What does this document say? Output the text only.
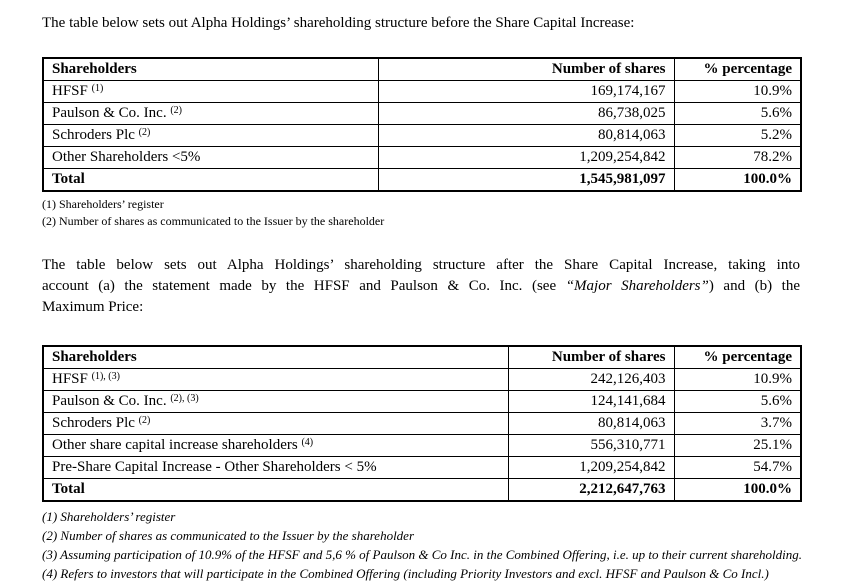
The table below sets out Alpha Holdings’ shareholding structure before the Share Capital Increase:

Shareholders	Number of shares	% percentage
HFSF $^{(1)}$	169,174,167	10.9%
Paulson & Co. Inc. $^{(2)}$	86,738,025	5.6%
Schroders Plc $^{(2)}$	80,814,063	5.2%
Other Shareholders <5%	1,209,254,842	78.2%
Total	1,545,981,097	100.0%
(1) Shareholders’ register
(2) Number of shares as communicated to the Issuer by the shareholder

The table below sets out Alpha Holdings’ shareholding structure after the Share Capital Increase, taking into
account (a) the statement made by the HFSF and Paulson & Co. Inc. (see “Major Shareholders”) and (b) the
Maximum Price:

Shareholders	Number of shares	% percentage
HFSF $^{(1), (3)}$	242,126,403	10.9%
Paulson & Co. Inc. $^{(2), (3)}$	124,141,684	5.6%
Schroders Plc $^{(2)}$	80,814,063	3.7%
Other share capital increase shareholders $^{(4)}$	556,310,771	25.1%
Pre-Share Capital Increase - Other Shareholders < 5%	1,209,254,842	54.7%
Total	2,212,647,763	100.0%
(1) Shareholders’ register
(2) Number of shares as communicated to the Issuer by the shareholder
(3) Assuming participation of 10.9% of the HFSF and 5,6 % of Paulson & Co Inc. in the Combined Offering, i.e. up to their current shareholding.
(4) Refers to investors that will participate in the Combined Offering (including Priority Investors and excl. HFSF and Paulson & Co Incl.)
